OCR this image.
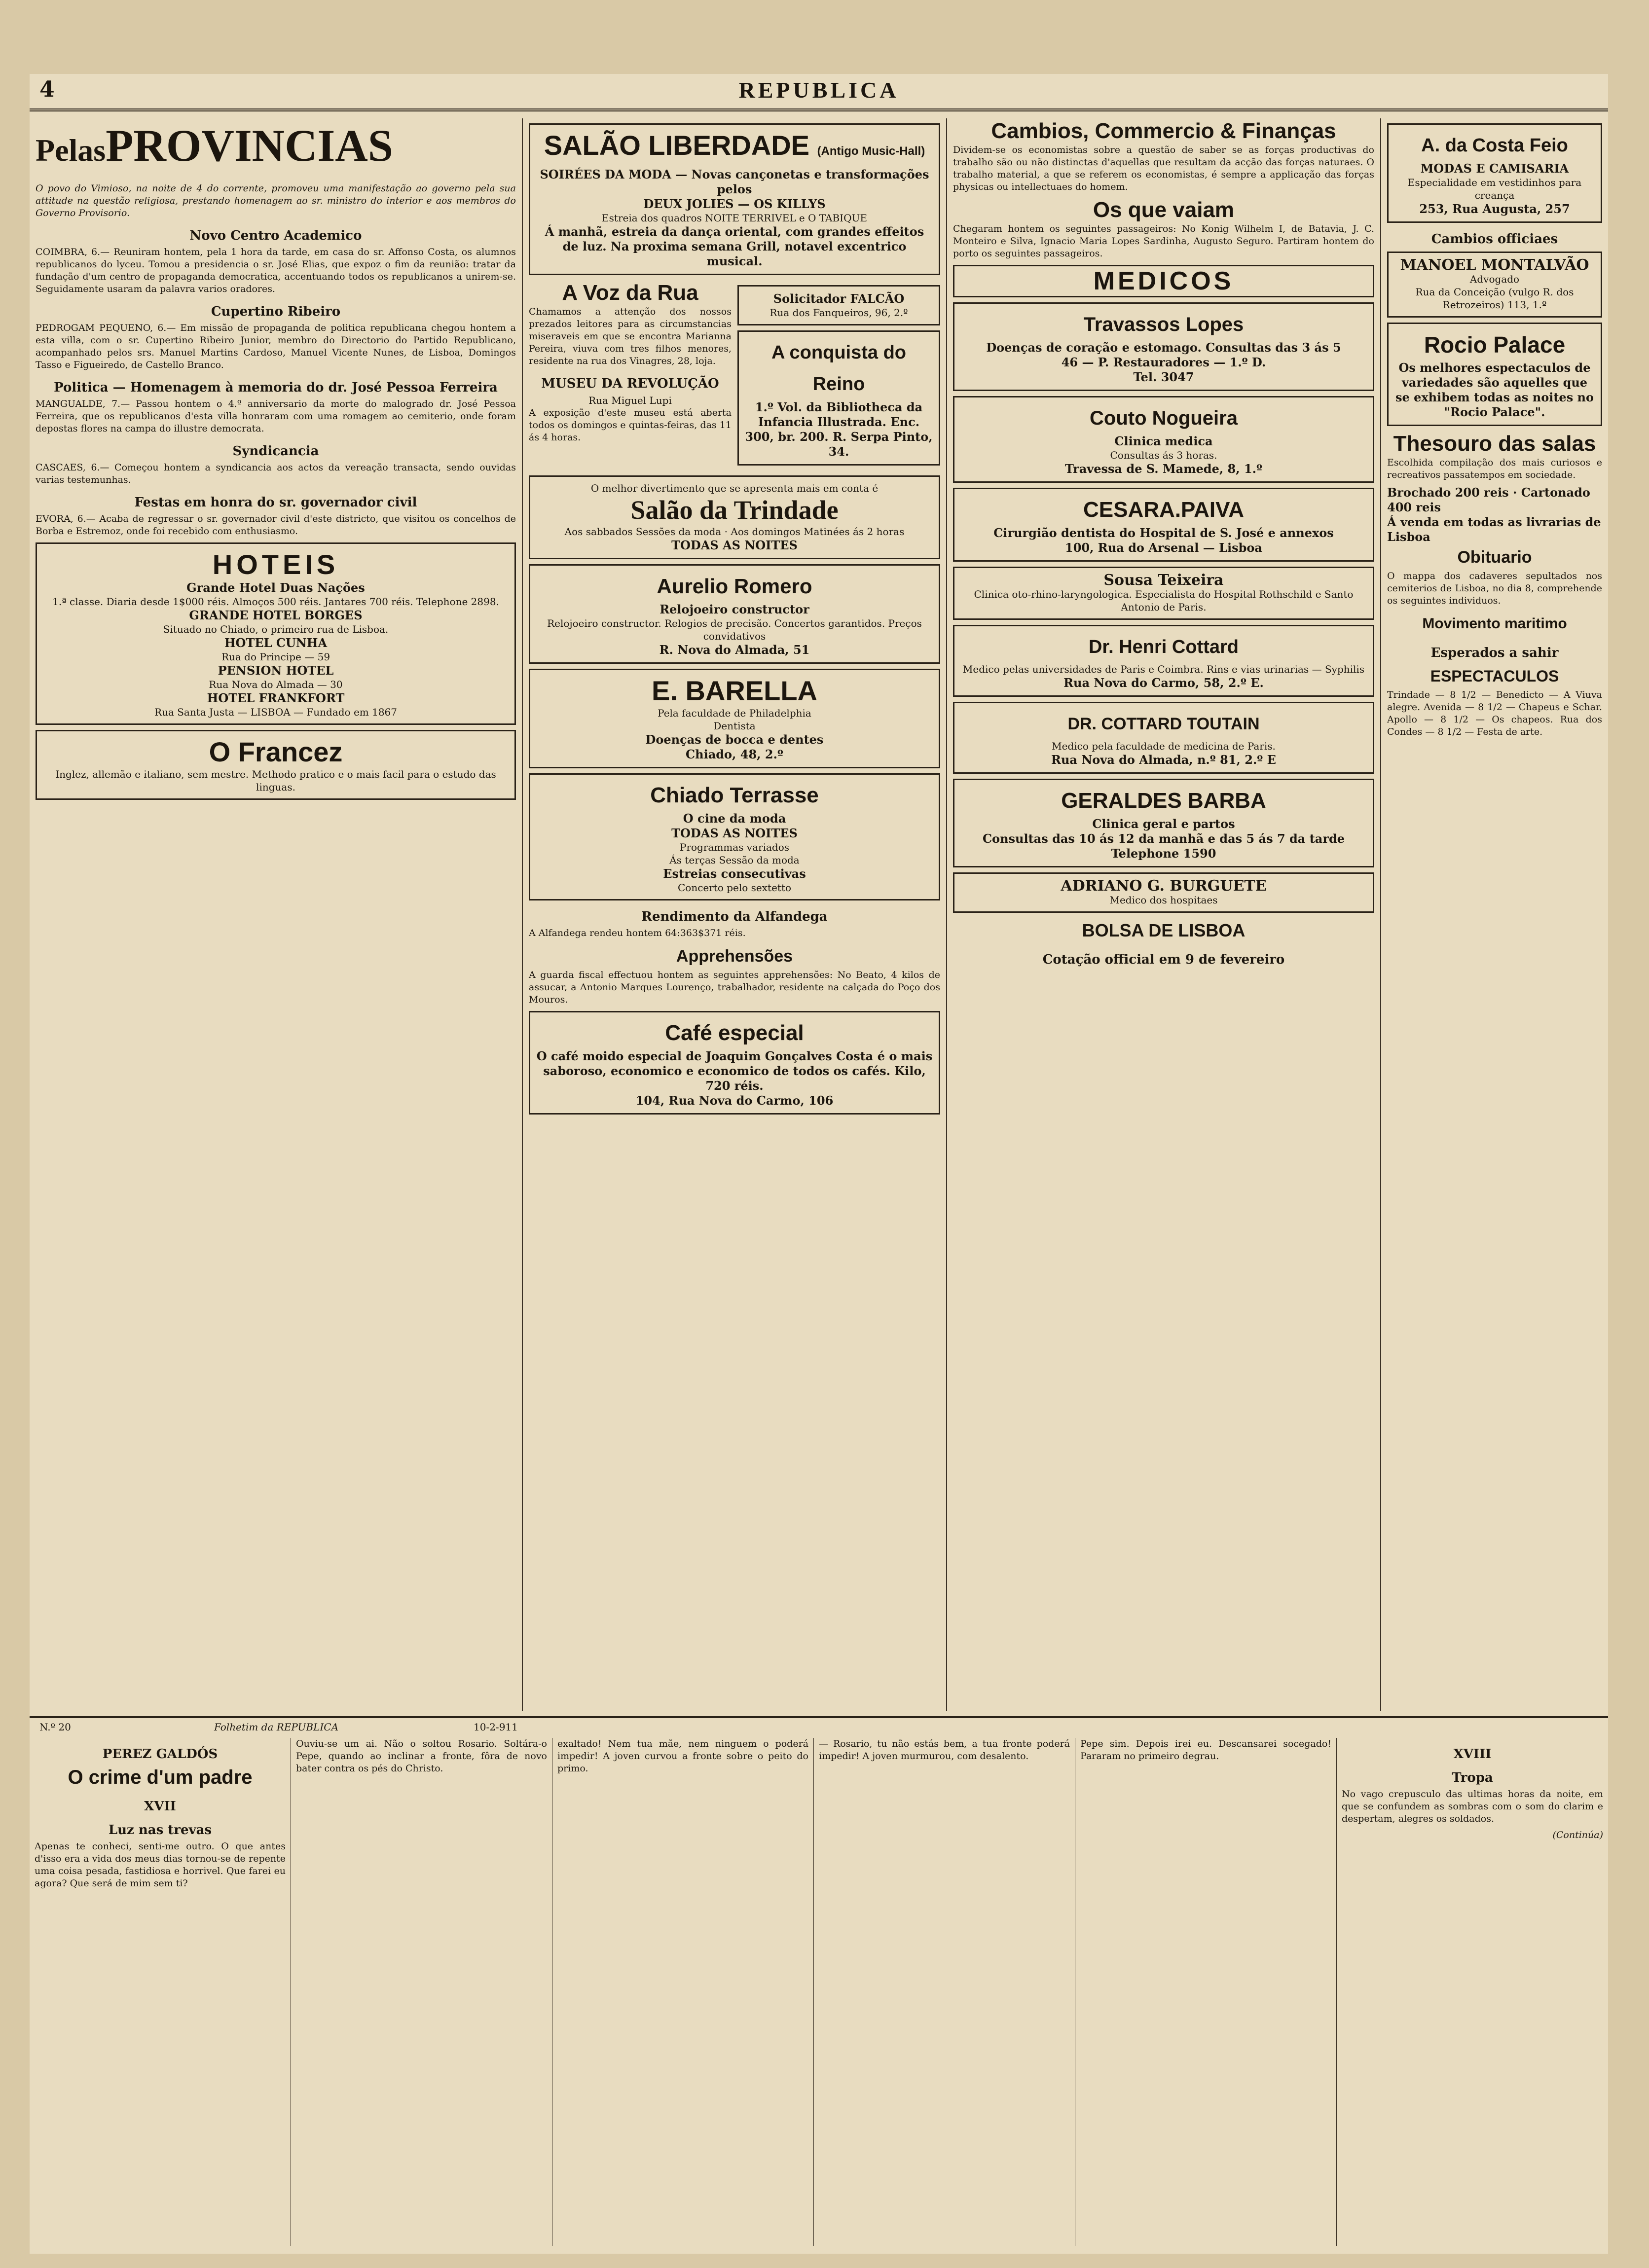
4	REPUBLICA
PelasPROVINCIAS

O povo do Vimioso, na noite de 4 do corrente, promoveu uma manifestação ao governo pela sua attitude na questão religiosa, prestando homenagem ao sr. ministro do interior e aos membros do Governo Provisorio.

Novo Centro Academico

COIMBRA, 6.— Reuniram hontem, pela 1 hora da tarde, em casa do sr. Affonso Costa, os alumnos republicanos do lyceu. Tomou a presidencia o sr. José Elias, que expoz o fim da reunião: tratar da fundação d'um centro de propaganda democratica, accentuando todos os republicanos a unirem-se. Seguidamente usaram da palavra varios oradores.

Cupertino Ribeiro

PEDROGAM PEQUENO, 6.— Em missão de propaganda de politica republicana chegou hontem a esta villa, com o sr. Cupertino Ribeiro Junior, membro do Directorio do Partido Republicano, acompanhado pelos srs. Manuel Martins Cardoso, Manuel Vicente Nunes, de Lisboa, Domingos Tasso e Figueiredo, de Castello Branco.

Politica — Homenagem à memoria do dr. José Pessoa Ferreira

MANGUALDE, 7.— Passou hontem o 4.º anniversario da morte do malogrado dr. José Pessoa Ferreira, que os republicanos d'esta villa honraram com uma romagem ao cemiterio, onde foram depostas flores na campa do illustre democrata.

Syndicancia

CASCAES, 6.— Começou hontem a syndicancia aos actos da vereação transacta, sendo ouvidas varias testemunhas.

Festas em honra do sr. governador civil

EVORA, 6.— Acaba de regressar o sr. governador civil d'este districto, que visitou os concelhos de Borba e Estremoz, onde foi recebido com enthusiasmo.

HOTEIS
Grande Hotel Duas Nações
1.ª classe. Diaria desde 1$000 réis. Almoços 500 réis. Jantares 700 réis. Telephone 2898.
GRANDE HOTEL BORGES
Situado no Chiado, o primeiro rua de Lisboa.
HOTEL CUNHA
Rua do Principe — 59
PENSION HOTEL
Rua Nova do Almada — 30
HOTEL FRANKFORT
Rua Santa Justa — LISBOA — Fundado em 1867
O Francez
Inglez, allemão e italiano, sem mestre. Methodo pratico e o mais facil para o estudo das linguas.
SALÃO LIBERDADE (Antigo Music-Hall)
SOIRÉES DA MODA — Novas cançonetas e transformações pelos
DEUX JOLIES — OS KILLYS
Estreia dos quadros NOITE TERRIVEL e O TABIQUE
Á manhã, estreia da dança oriental, com grandes effeitos de luz. Na proxima semana Grill, notavel excentrico musical.
A Voz da Rua

Chamamos a attenção dos nossos prezados leitores para as circumstancias miseraveis em que se encontra Marianna Pereira, viuva com tres filhos menores, residente na rua dos Vinagres, 28, loja.

MUSEU DA REVOLUÇÃO
Rua Miguel Lupi

A exposição d'este museu está aberta todos os domingos e quintas-feiras, das 11 ás 4 horas.

Solicitador FALCÃO
Rua dos Fanqueiros, 96, 2.º
A conquista do Reino
1.º Vol. da Bibliotheca da Infancia Illustrada. Enc. 300, br. 200. R. Serpa Pinto, 34.
O melhor divertimento que se apresenta mais em conta é
Salão da Trindade
Aos sabbados Sessões da moda · Aos domingos Matinées ás 2 horas
TODAS AS NOITES
Aurelio Romero
Relojoeiro constructor
Relojoeiro constructor. Relogios de precisão. Concertos garantidos. Preços convidativos
R. Nova do Almada, 51
E. BARELLA
Pela faculdade de Philadelphia
Dentista
Doenças de bocca e dentes
Chiado, 48, 2.º
Chiado Terrasse
O cine da moda
TODAS AS NOITES
Programmas variados
Ás terças Sessão da moda
Estreias consecutivas
Concerto pelo sextetto
Rendimento da Alfandega

A Alfandega rendeu hontem 64:363$371 réis.

Apprehensões

A guarda fiscal effectuou hontem as seguintes apprehensões: No Beato, 4 kilos de assucar, a Antonio Marques Lourenço, trabalhador, residente na calçada do Poço dos Mouros.

Café especial
O café moido especial de Joaquim Gonçalves Costa é o mais saboroso, economico e economico de todos os cafés. Kilo, 720 réis.
104, Rua Nova do Carmo, 106
Cambios, Commercio & Finanças

Dividem-se os economistas sobre a questão de saber se as forças productivas do trabalho são ou não distinctas d'aquellas que resultam da acção das forças naturaes. O trabalho material, a que se referem os economistas, é sempre a applicação das forças physicas ou intellectuaes do homem.

Os que vaiam

Chegaram hontem os seguintes passageiros: No Konig Wilhelm I, de Batavia, J. C. Monteiro e Silva, Ignacio Maria Lopes Sardinha, Augusto Seguro. Partiram hontem do porto os seguintes passageiros.

MEDICOS
Travassos Lopes
Doenças de coração e estomago. Consultas das 3 ás 5
46 — P. Restauradores — 1.º D.
Tel. 3047
Couto Nogueira
Clinica medica
Consultas ás 3 horas.
Travessa de S. Mamede, 8, 1.º
CESARA.PAIVA
Cirurgião dentista do Hospital de S. José e annexos
100, Rua do Arsenal — Lisboa
Sousa Teixeira
Clinica oto-rhino-laryngologica. Especialista do Hospital Rothschild e Santo Antonio de Paris.
Dr. Henri Cottard
Medico pelas universidades de Paris e Coimbra. Rins e vias urinarias — Syphilis
Rua Nova do Carmo, 58, 2.º E.
DR. COTTARD TOUTAIN
Medico pela faculdade de medicina de Paris.
Rua Nova do Almada, n.º 81, 2.º E
GERALDES BARBA
Clinica geral e partos
Consultas das 10 ás 12 da manhã e das 5 ás 7 da tarde
Telephone 1590
ADRIANO G. BURGUETE
Medico dos hospitaes
BOLSA DE LISBOA
Cotação official em 9 de fevereiro
A. da Costa Feio
MODAS E CAMISARIA
Especialidade em vestidinhos para creança
253, Rua Augusta, 257
Cambios officiaes
MANOEL MONTALVÃO
Advogado
Rua da Conceição (vulgo R. dos Retrozeiros) 113, 1.º
Rocio Palace
Os melhores espectaculos de variedades são aquelles que se exhibem todas as noites no "Rocio Palace".
Thesouro das salas

Escolhida compilação dos mais curiosos e recreativos passatempos em sociedade.

Brochado 200 reis · Cartonado 400 reis
Á venda em todas as livrarias de Lisboa
Obituario

O mappa dos cadaveres sepultados nos cemiterios de Lisboa, no dia 8, comprehende os seguintes individuos.

Movimento maritimo
Esperados a sahir
ESPECTACULOS

Trindade — 8 1/2 — Benedicto — A Viuva alegre. Avenida — 8 1/2 — Chapeus e Schar. Apollo — 8 1/2 — Os chapeos. Rua dos Condes — 8 1/2 — Festa de arte.

N.º 20	Folhetim da REPUBLICA	10-2-911
PEREZ GALDÓS
O crime d'um padre
XVII
Luz nas trevas

Apenas te conheci, senti-me outro. O que antes d'isso era a vida dos meus dias tornou-se de repente uma coisa pesada, fastidiosa e horrivel. Que farei eu agora? Que será de mim sem ti?

Ouviu-se um ai. Não o soltou Rosario. Soltára-o Pepe, quando ao inclinar a fronte, fôra de novo bater contra os pés do Christo.

exaltado! Nem tua mãe, nem ninguem o poderá impedir! A joven curvou a fronte sobre o peito do primo.

— Rosario, tu não estás bem, a tua fronte poderá impedir! A joven murmurou, com desalento.

Pepe sim. Depois irei eu. Descansarei socegado! Pararam no primeiro degrau.	XVIII
Tropa

No vago crepusculo das ultimas horas da noite, em que se confundem as sombras com o som do clarim e despertam, alegres os soldados.

(Continúa)
